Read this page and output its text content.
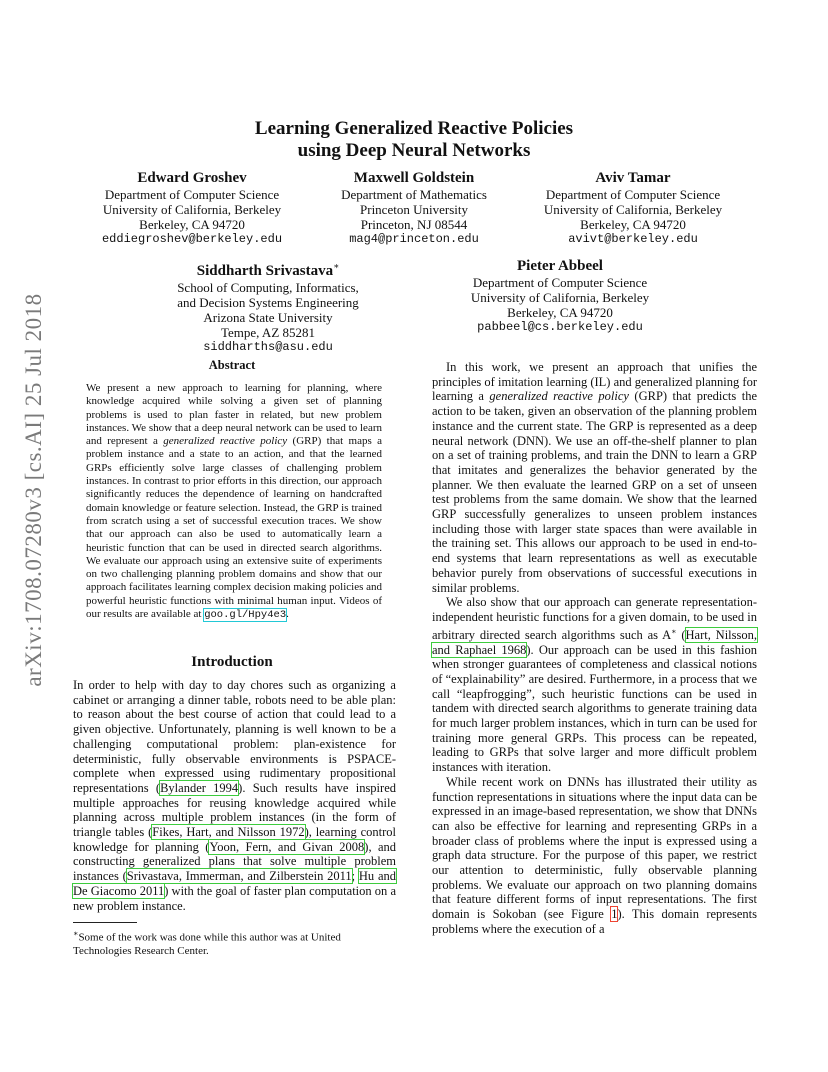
arXiv:1708.07280v3 [cs.AI] 25 Jul 2018
Learning Generalized Reactive Policies
using Deep Neural Networks
Edward Groshev
Department of Computer Science
University of California, Berkeley
Berkeley, CA 94720
eddiegroshev@berkeley.edu
Maxwell Goldstein
Department of Mathematics
Princeton University
Princeton, NJ 08544
mag4@princeton.edu
Aviv Tamar
Department of Computer Science
University of California, Berkeley
Berkeley, CA 94720
avivt@berkeley.edu
Siddharth Srivastava∗
School of Computing, Informatics,
and Decision Systems Engineering
Arizona State University
Tempe, AZ 85281
siddharths@asu.edu
Pieter Abbeel
Department of Computer Science
University of California, Berkeley
Berkeley, CA 94720
pabbeel@cs.berkeley.edu
Abstract
We present a new approach to learning for planning, where knowledge acquired while solving a given set of planning problems is used to plan faster in related, but new problem instances. We show that a deep neural network can be used to learn and represent a generalized reactive policy (GRP) that maps a problem instance and a state to an action, and that the learned GRPs efficiently solve large classes of challenging problem instances. In contrast to prior efforts in this direction, our approach significantly reduces the dependence of learning on handcrafted domain knowledge or feature selection. Instead, the GRP is trained from scratch using a set of successful execution traces. We show that our approach can also be used to automatically learn a heuristic function that can be used in directed search algorithms. We evaluate our approach using an extensive suite of experiments on two challenging planning problem domains and show that our approach facilitates learning complex decision making policies and powerful heuristic functions with minimal human input. Videos of our results are available at goo.gl/Hpy4e3.
Introduction
In order to help with day to day chores such as organizing a cabinet or arranging a dinner table, robots need to be able plan: to reason about the best course of action that could lead to a given objective. Unfortunately, planning is well known to be a challenging computational problem: plan-existence for deterministic, fully observable environments is PSPACE-complete when expressed using rudimentary propositional representations (Bylander 1994). Such results have inspired multiple approaches for reusing knowledge acquired while planning across multiple problem instances (in the form of triangle tables (Fikes, Hart, and Nilsson 1972), learning control knowledge for planning (Yoon, Fern, and Givan 2008), and constructing generalized plans that solve multiple problem instances (Srivastava, Immerman, and Zilberstein 2011; Hu and De Giacomo 2011) with the goal of faster plan computation on a new problem instance.
∗Some of the work was done while this author was at United Technologies Research Center.

In this work, we present an approach that unifies the principles of imitation learning (IL) and generalized planning for learning a generalized reactive policy (GRP) that predicts the action to be taken, given an observation of the planning problem instance and the current state. The GRP is represented as a deep neural network (DNN). We use an off-the-shelf planner to plan on a set of training problems, and train the DNN to learn a GRP that imitates and generalizes the behavior generated by the planner. We then evaluate the learned GRP on a set of unseen test problems from the same domain. We show that the learned GRP successfully generalizes to unseen problem instances including those with larger state spaces than were available in the training set. This allows our approach to be used in end-to-end systems that learn representations as well as executable behavior purely from observations of successful executions in similar problems.

We also show that our approach can generate representation-independent heuristic functions for a given domain, to be used in arbitrary directed search algorithms such as A∗ (Hart, Nilsson, and Raphael 1968). Our approach can be used in this fashion when stronger guarantees of completeness and classical notions of “explainability” are desired. Furthermore, in a process that we call “leapfrogging”, such heuristic functions can be used in tandem with directed search algorithms to generate training data for much larger problem instances, which in turn can be used for training more general GRPs. This process can be repeated, leading to GRPs that solve larger and more difficult problem instances with iteration.

While recent work on DNNs has illustrated their utility as function representations in situations where the input data can be expressed in an image-based representation, we show that DNNs can also be effective for learning and representing GRPs in a broader class of problems where the input is expressed using a graph data structure. For the purpose of this paper, we restrict our attention to deterministic, fully observable planning problems. We evaluate our approach on two planning domains that feature different forms of input representations. The first domain is Sokoban (see Figure 1). This domain represents problems where the execution of a
